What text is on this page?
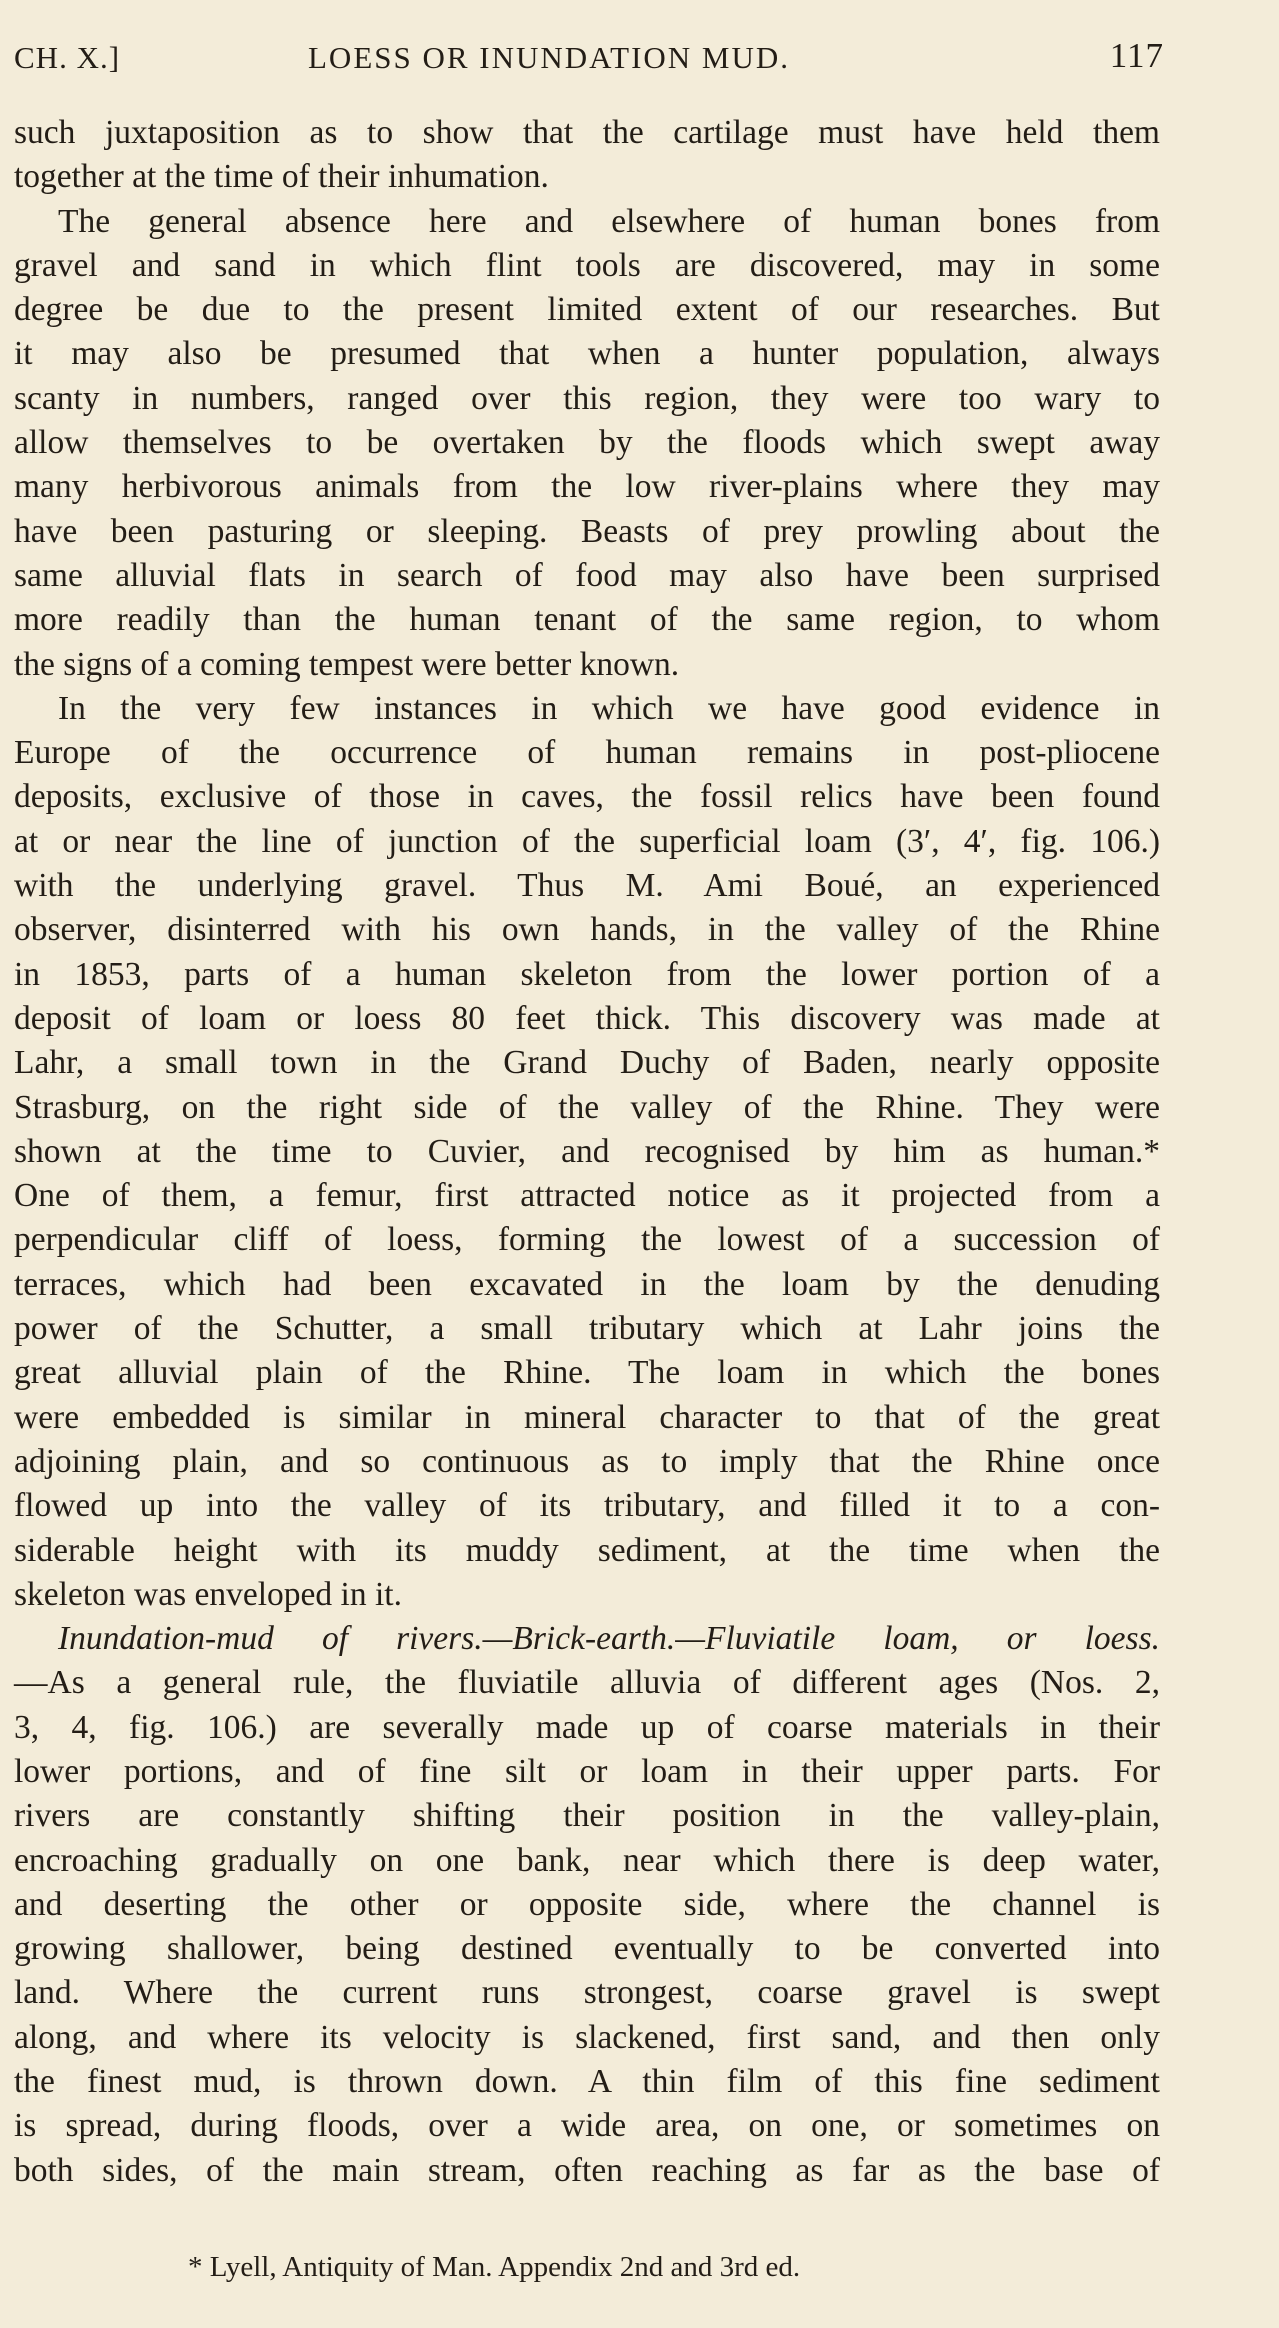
CH. X.]	LOESS OR INUNDATION MUD.	117
such juxtaposition as to show that the cartilage must have held them
together at the time of their inhumation.
The general absence here and elsewhere of human bones from
gravel and sand in which flint tools are discovered, may in some
degree be due to the present limited extent of our researches. But
it may also be presumed that when a hunter population, always
scanty in numbers, ranged over this region, they were too wary to
allow themselves to be overtaken by the floods which swept away
many herbivorous animals from the low river-plains where they may
have been pasturing or sleeping. Beasts of prey prowling about the
same alluvial flats in search of food may also have been surprised
more readily than the human tenant of the same region, to whom
the signs of a coming tempest were better known.
In the very few instances in which we have good evidence in
Europe of the occurrence of human remains in post-pliocene
deposits, exclusive of those in caves, the fossil relics have been found
at or near the line of junction of the superficial loam (3′, 4′, fig. 106.)
with the underlying gravel. Thus M. Ami Boué, an experienced
observer, disinterred with his own hands, in the valley of the Rhine
in 1853, parts of a human skeleton from the lower portion of a
deposit of loam or loess 80 feet thick. This discovery was made at
Lahr, a small town in the Grand Duchy of Baden, nearly opposite
Strasburg, on the right side of the valley of the Rhine. They were
shown at the time to Cuvier, and recognised by him as human.*
One of them, a femur, first attracted notice as it projected from a
perpendicular cliff of loess, forming the lowest of a succession of
terraces, which had been excavated in the loam by the denuding
power of the Schutter, a small tributary which at Lahr joins the
great alluvial plain of the Rhine. The loam in which the bones
were embedded is similar in mineral character to that of the great
adjoining plain, and so continuous as to imply that the Rhine once
flowed up into the valley of its tributary, and filled it to a con-
siderable height with its muddy sediment, at the time when the
skeleton was enveloped in it.
Inundation-mud of rivers.—Brick-earth.—Fluviatile loam, or loess.
—As a general rule, the fluviatile alluvia of different ages (Nos. 2,
3, 4, fig. 106.) are severally made up of coarse materials in their
lower portions, and of fine silt or loam in their upper parts. For
rivers are constantly shifting their position in the valley-plain,
encroaching gradually on one bank, near which there is deep water,
and deserting the other or opposite side, where the channel is
growing shallower, being destined eventually to be converted into
land. Where the current runs strongest, coarse gravel is swept
along, and where its velocity is slackened, first sand, and then only
the finest mud, is thrown down. A thin film of this fine sediment
is spread, during floods, over a wide area, on one, or sometimes on
both sides, of the main stream, often reaching as far as the base of
* Lyell, Antiquity of Man. Appendix 2nd and 3rd ed.
